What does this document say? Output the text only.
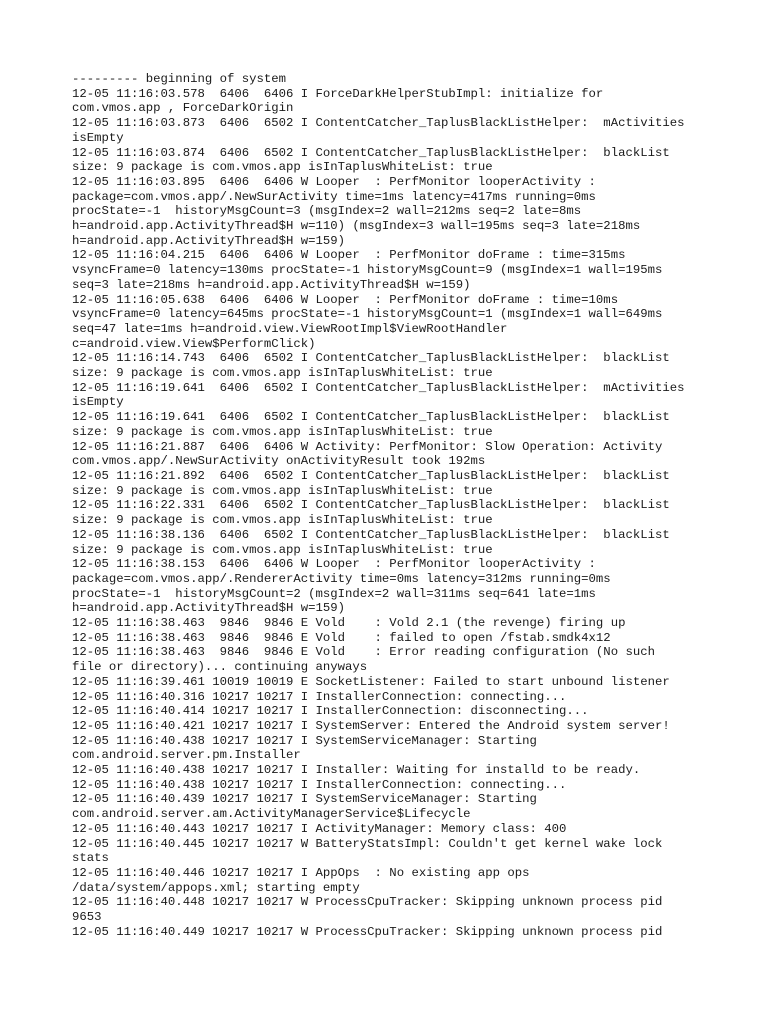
--------- beginning of system

12-05 11:16:03.578  6406  6406 I ForceDarkHelperStubImpl: initialize for

com.vmos.app , ForceDarkOrigin

12-05 11:16:03.873  6406  6502 I ContentCatcher_TaplusBlackListHelper:  mActivities

isEmpty

12-05 11:16:03.874  6406  6502 I ContentCatcher_TaplusBlackListHelper:  blackList

size: 9 package is com.vmos.app isInTaplusWhiteList: true

12-05 11:16:03.895  6406  6406 W Looper  : PerfMonitor looperActivity :

package=com.vmos.app/.NewSurActivity time=1ms latency=417ms running=0ms

procState=-1  historyMsgCount=3 (msgIndex=2 wall=212ms seq=2 late=8ms

h=android.app.ActivityThread$H w=110) (msgIndex=3 wall=195ms seq=3 late=218ms

h=android.app.ActivityThread$H w=159)

12-05 11:16:04.215  6406  6406 W Looper  : PerfMonitor doFrame : time=315ms

vsyncFrame=0 latency=130ms procState=-1 historyMsgCount=9 (msgIndex=1 wall=195ms

seq=3 late=218ms h=android.app.ActivityThread$H w=159)

12-05 11:16:05.638  6406  6406 W Looper  : PerfMonitor doFrame : time=10ms

vsyncFrame=0 latency=645ms procState=-1 historyMsgCount=1 (msgIndex=1 wall=649ms

seq=47 late=1ms h=android.view.ViewRootImpl$ViewRootHandler

c=android.view.View$PerformClick)

12-05 11:16:14.743  6406  6502 I ContentCatcher_TaplusBlackListHelper:  blackList

size: 9 package is com.vmos.app isInTaplusWhiteList: true

12-05 11:16:19.641  6406  6502 I ContentCatcher_TaplusBlackListHelper:  mActivities

isEmpty

12-05 11:16:19.641  6406  6502 I ContentCatcher_TaplusBlackListHelper:  blackList

size: 9 package is com.vmos.app isInTaplusWhiteList: true

12-05 11:16:21.887  6406  6406 W Activity: PerfMonitor: Slow Operation: Activity

com.vmos.app/.NewSurActivity onActivityResult took 192ms

12-05 11:16:21.892  6406  6502 I ContentCatcher_TaplusBlackListHelper:  blackList

size: 9 package is com.vmos.app isInTaplusWhiteList: true

12-05 11:16:22.331  6406  6502 I ContentCatcher_TaplusBlackListHelper:  blackList

size: 9 package is com.vmos.app isInTaplusWhiteList: true

12-05 11:16:38.136  6406  6502 I ContentCatcher_TaplusBlackListHelper:  blackList

size: 9 package is com.vmos.app isInTaplusWhiteList: true

12-05 11:16:38.153  6406  6406 W Looper  : PerfMonitor looperActivity :

package=com.vmos.app/.RendererActivity time=0ms latency=312ms running=0ms

procState=-1  historyMsgCount=2 (msgIndex=2 wall=311ms seq=641 late=1ms

h=android.app.ActivityThread$H w=159)

12-05 11:16:38.463  9846  9846 E Vold    : Vold 2.1 (the revenge) firing up

12-05 11:16:38.463  9846  9846 E Vold    : failed to open /fstab.smdk4x12

12-05 11:16:38.463  9846  9846 E Vold    : Error reading configuration (No such

file or directory)... continuing anyways

12-05 11:16:39.461 10019 10019 E SocketListener: Failed to start unbound listener

12-05 11:16:40.316 10217 10217 I InstallerConnection: connecting...

12-05 11:16:40.414 10217 10217 I InstallerConnection: disconnecting...

12-05 11:16:40.421 10217 10217 I SystemServer: Entered the Android system server!

12-05 11:16:40.438 10217 10217 I SystemServiceManager: Starting

com.android.server.pm.Installer

12-05 11:16:40.438 10217 10217 I Installer: Waiting for installd to be ready.

12-05 11:16:40.438 10217 10217 I InstallerConnection: connecting...

12-05 11:16:40.439 10217 10217 I SystemServiceManager: Starting

com.android.server.am.ActivityManagerService$Lifecycle

12-05 11:16:40.443 10217 10217 I ActivityManager: Memory class: 400

12-05 11:16:40.445 10217 10217 W BatteryStatsImpl: Couldn't get kernel wake lock

stats

12-05 11:16:40.446 10217 10217 I AppOps  : No existing app ops

/data/system/appops.xml; starting empty

12-05 11:16:40.448 10217 10217 W ProcessCpuTracker: Skipping unknown process pid

9653

12-05 11:16:40.449 10217 10217 W ProcessCpuTracker: Skipping unknown process pid
